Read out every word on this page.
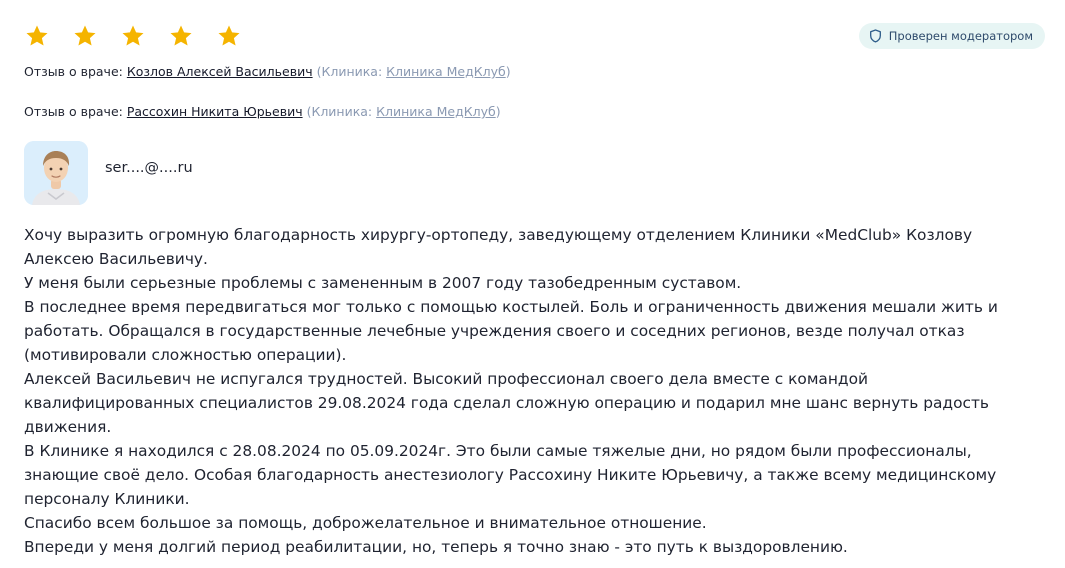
Проверен модератором
Отзыв о враче: Козлов Алексей Васильевич (Клиника: Клиника МедКлуб)
Отзыв о враче: Рассохин Никита Юрьевич (Клиника: Клиника МедКлуб)
ser....@....ru

Хочу выразить огромную благодарность хирургу-ортопеду, заведующему отделением Клиники «MedClub» Козлову

Алексею Васильевичу.

У меня были серьезные проблемы с замененным в 2007 году тазобедренным суставом.

В последнее время передвигаться мог только с помощью костылей. Боль и ограниченность движения мешали жить и

работать. Обращался в государственные лечебные учреждения своего и соседних регионов, везде получал отказ

(мотивировали сложностью операции).

Алексей Васильевич не испугался трудностей. Высокий профессионал своего дела вместе с командой

квалифицированных специалистов 29.08.2024 года сделал сложную операцию и подарил мне шанс вернуть радость

движения.

В Клинике я находился с 28.08.2024 по 05.09.2024г. Это были самые тяжелые дни, но рядом были профессионалы,

знающие своё дело. Особая благодарность анестезиологу Рассохину Никите Юрьевичу, а также всему медицинскому

персоналу Клиники.

Спасибо всем большое за помощь, доброжелательное и внимательное отношение.

Впереди у меня долгий период реабилитации, но, теперь я точно знаю - это путь к выздоровлению.
